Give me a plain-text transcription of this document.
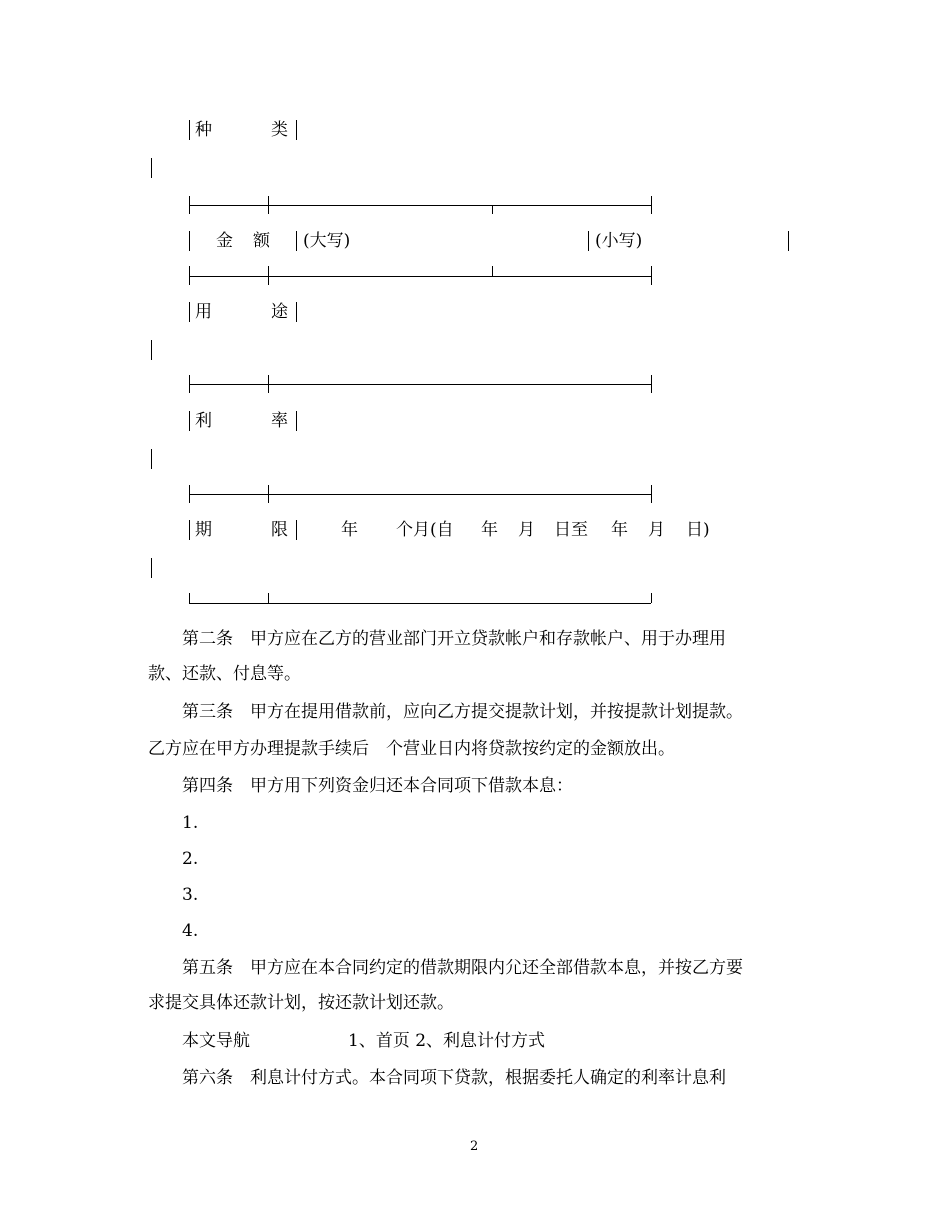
种	类
金 额 (大写)	(小写)
用	途
利	率
期	限	年 个月(自 年 月 日至 年 月 日)
第二条　甲方应在乙方的营业部门开立贷款帐户和存款帐户、用于办理用
款、还款、付息等。
第三条　甲方在提用借款前，应向乙方提交提款计划，并按提款计划提款。
乙方应在甲方办理提款手续后　个营业日内将贷款按约定的金额放出。
第四条　甲方用下列资金归还本合同项下借款本息：
1.
2.
3.
4.
第五条　甲方应在本合同约定的借款期限内尣还全部借款本息，并按乙方要
求提交具体还款计划，按还款计划还款。
本文导航	1、首页 2、利息计付方式
第六条　利息计付方式。本合同项下贷款，根据委托人确定的利率计息利
2
